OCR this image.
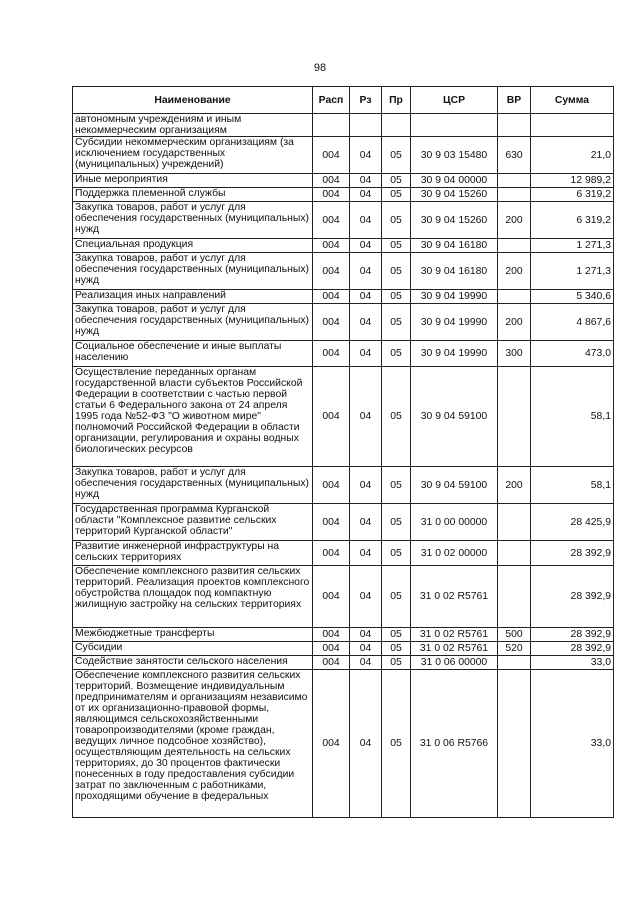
98
Наименование	Расп	Рз	Пр	ЦСР	ВР	Сумма
автономным учреждениям и иным некоммерческим организациям						
Субсидии некоммерческим организациям (за исключением государственных (муниципальных) учреждений)	004	04	05	30 9 03 15480	630	21,0
Иные мероприятия	004	04	05	30 9 04 00000		12 989,2
Поддержка племенной службы	004	04	05	30 9 04 15260		6 319,2
Закупка товаров, работ и услуг для обеспечения государственных (муниципальных) нужд	004	04	05	30 9 04 15260	200	6 319,2
Специальная продукция	004	04	05	30 9 04 16180		1 271,3
Закупка товаров, работ и услуг для обеспечения государственных (муниципальных) нужд	004	04	05	30 9 04 16180	200	1 271,3
Реализация иных направлений	004	04	05	30 9 04 19990		5 340,6
Закупка товаров, работ и услуг для обеспечения государственных (муниципальных) нужд	004	04	05	30 9 04 19990	200	4 867,6
Социальное обеспечение и иные выплаты населению	004	04	05	30 9 04 19990	300	473,0
Осуществление переданных органам государственной власти субъектов Российской Федерации в соответствии с частью первой статьи 6 Федерального закона от 24 апреля 1995 года №52-ФЗ "О животном мире" полномочий Российской Федерации в области организации, регулирования и охраны водных биологических ресурсов	004	04	05	30 9 04 59100		58,1
Закупка товаров, работ и услуг для обеспечения государственных (муниципальных) нужд	004	04	05	30 9 04 59100	200	58,1
Государственная программа Курганской области "Комплексное развитие сельских территорий Курганской области"	004	04	05	31 0 00 00000		28 425,9
Развитие инженерной инфраструктуры на сельских территориях	004	04	05	31 0 02 00000		28 392,9
Обеспечение комплексного развития сельских территорий. Реализация проектов комплексного обустройства площадок под компактную жилищную застройку на сельских территориях	004	04	05	31 0 02 R5761		28 392,9
Межбюджетные трансферты	004	04	05	31 0 02 R5761	500	28 392,9
Субсидии	004	04	05	31 0 02 R5761	520	28 392,9
Содействие занятости сельского населения	004	04	05	31 0 06 00000		33,0
Обеспечение комплексного развития сельских территорий. Возмещение индивидуальным предпринимателям и организациям независимо от их организационно-правовой формы, являющимся сельскохозяйственными товаропроизводителями (кроме граждан, ведущих личное подсобное хозяйство), осуществляющим деятельность на сельских территориях, до 30 процентов фактически понесенных в году предоставления субсидии затрат по заключенным с работниками, проходящими обучение в федеральных	004	04	05	31 0 06 R5766		33,0
